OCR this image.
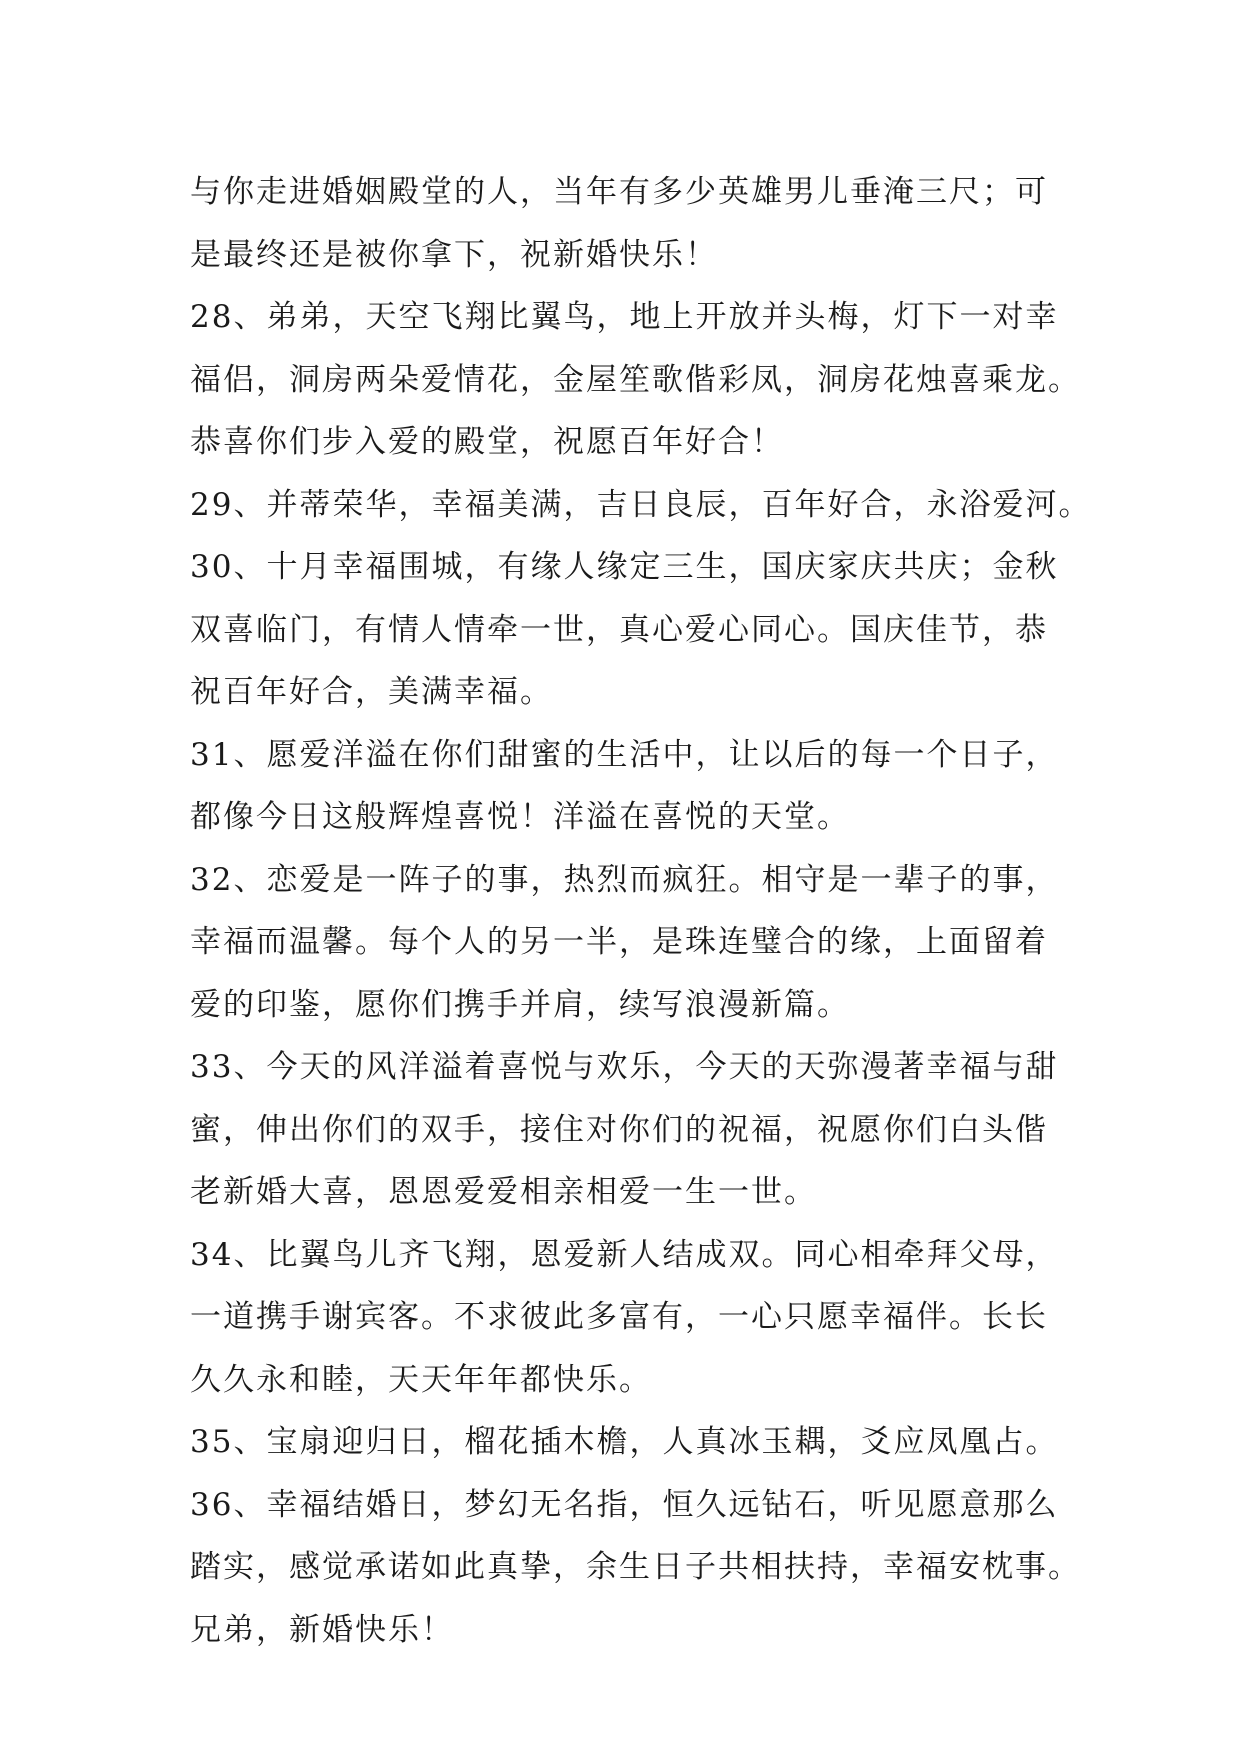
与你走进婚姻殿堂的人，当年有多少英雄男儿垂淹三尺；可
是最终还是被你拿下，祝新婚快乐！
28、弟弟，天空飞翔比翼鸟，地上开放并头梅，灯下一对幸
福侣，洞房两朵爱情花，金屋笙歌偕彩凤，洞房花烛喜乘龙。
恭喜你们步入爱的殿堂，祝愿百年好合！
29、并蒂荣华，幸福美满，吉日良辰，百年好合，永浴爱河。
30、十月幸福围城，有缘人缘定三生，国庆家庆共庆；金秋
双喜临门，有情人情牵一世，真心爱心同心。国庆佳节，恭
祝百年好合，美满幸福。
31、愿爱洋溢在你们甜蜜的生活中，让以后的每一个日子，
都像今日这般辉煌喜悦！洋溢在喜悦的天堂。
32、恋爱是一阵子的事，热烈而疯狂。相守是一辈子的事，
幸福而温馨。每个人的另一半，是珠连璧合的缘，上面留着
爱的印鉴，愿你们携手并肩，续写浪漫新篇。
33、今天的风洋溢着喜悦与欢乐，今天的天弥漫著幸福与甜
蜜，伸出你们的双手，接住对你们的祝福，祝愿你们白头偕
老新婚大喜，恩恩爱爱相亲相爱一生一世。
34、比翼鸟儿齐飞翔，恩爱新人结成双。同心相牵拜父母，
一道携手谢宾客。不求彼此多富有，一心只愿幸福伴。长长
久久永和睦，天天年年都快乐。
35、宝扇迎归日，榴花插木檐，人真冰玉耦，爻应凤凰占。
36、幸福结婚日，梦幻无名指，恒久远钻石，听见愿意那么
踏实，感觉承诺如此真挚，余生日子共相扶持，幸福安枕事。
兄弟，新婚快乐！
